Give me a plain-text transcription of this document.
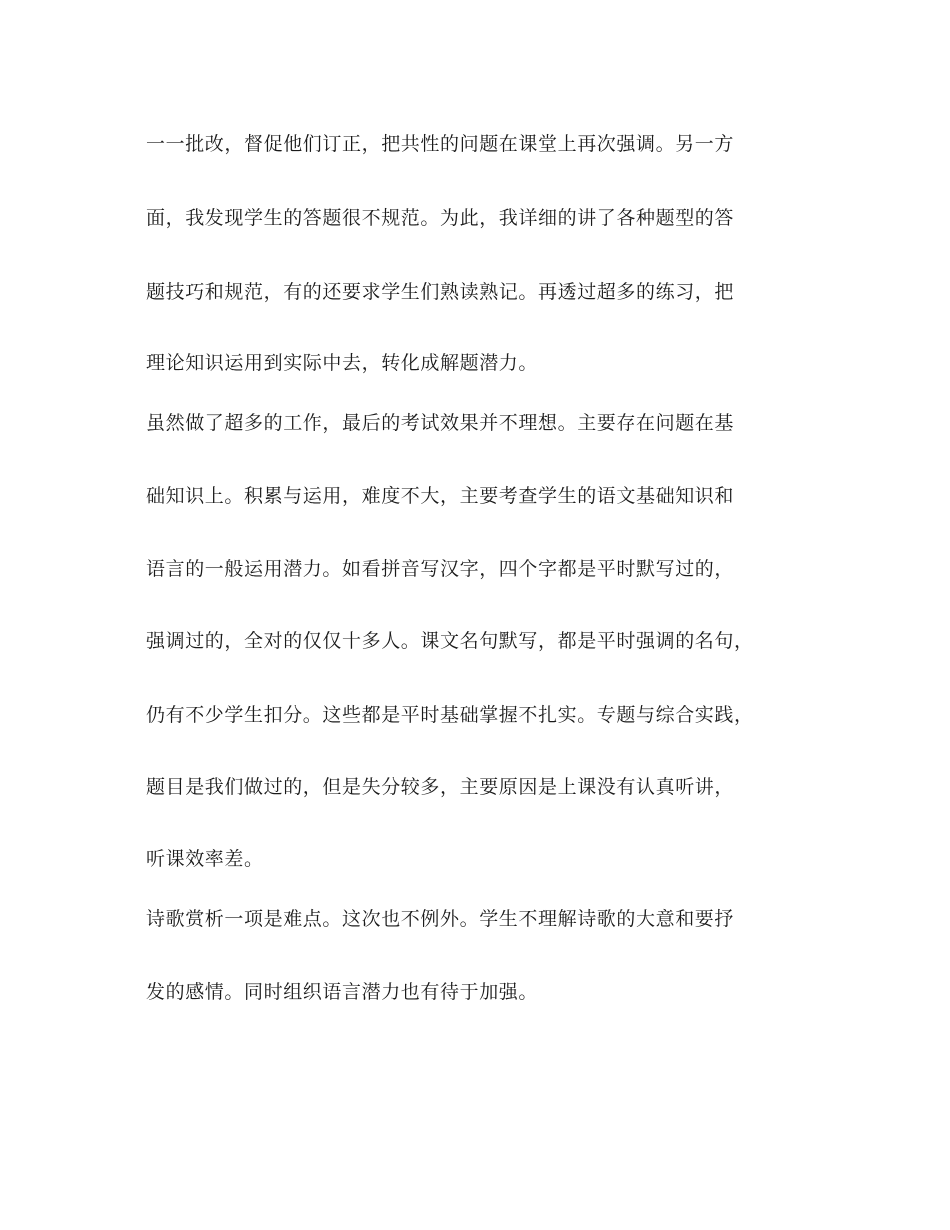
一一批改，督促他们订正，把共性的问题在课堂上再次强调。另一方
面，我发现学生的答题很不规范。为此，我详细的讲了各种题型的答
题技巧和规范，有的还要求学生们熟读熟记。再透过超多的练习，把
理论知识运用到实际中去，转化成解题潜力。
虽然做了超多的工作，最后的考试效果并不理想。主要存在问题在基
础知识上。积累与运用，难度不大，主要考查学生的语文基础知识和
语言的一般运用潜力。如看拼音写汉字，四个字都是平时默写过的，
强调过的，全对的仅仅十多人。课文名句默写，都是平时强调的名句，
仍有不少学生扣分。这些都是平时基础掌握不扎实。专题与综合实践，
题目是我们做过的，但是失分较多，主要原因是上课没有认真听讲，
听课效率差。
诗歌赏析一项是难点。这次也不例外。学生不理解诗歌的大意和要抒
发的感情。同时组织语言潜力也有待于加强。
